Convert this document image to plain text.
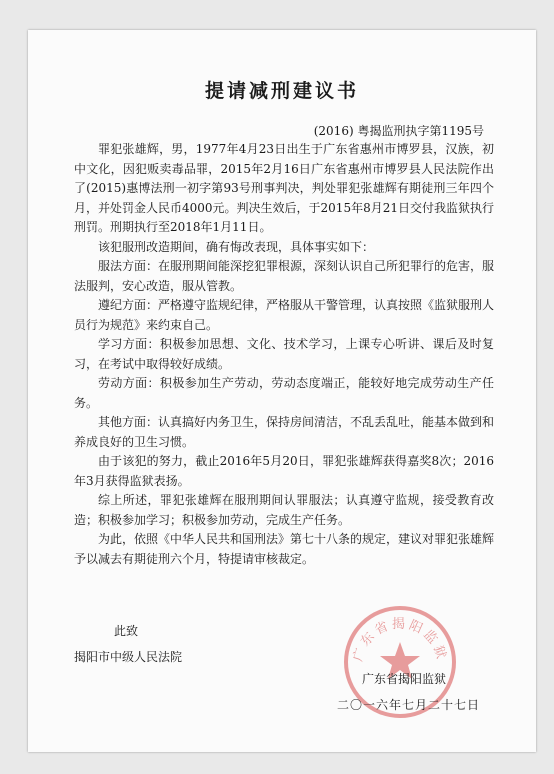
提请减刑建议书
(2016) 粤揭监刑执字第1195号

罪犯张雄辉，男，1977年4月23日出生于广东省惠州市博罗县，汉族，初中文化，因犯贩卖毒品罪，2015年2月16日广东省惠州市博罗县人民法院作出了(2015)惠博法刑一初字第93号刑事判决，判处罪犯张雄辉有期徒刑三年四个月，并处罚金人民币4000元。判决生效后，于2015年8月21日交付我监狱执行刑罚。刑期执行至2018年1月11日。

该犯服刑改造期间，确有悔改表现，具体事实如下：

服法方面：在服刑期间能深挖犯罪根源，深刻认识自己所犯罪行的危害，服法服判，安心改造，服从管教。

遵纪方面：严格遵守监规纪律，严格服从干警管理，认真按照《监狱服刑人员行为规范》来约束自己。

学习方面：积极参加思想、文化、技术学习，上课专心听讲、课后及时复习，在考试中取得较好成绩。

劳动方面：积极参加生产劳动，劳动态度端正，能较好地完成劳动生产任务。

其他方面：认真搞好内务卫生，保持房间清洁，不乱丢乱吐，能基本做到和养成良好的卫生习惯。

由于该犯的努力，截止2016年5月20日，罪犯张雄辉获得嘉奖8次；2016年3月获得监狱表扬。

综上所述，罪犯张雄辉在服刑期间认罪服法；认真遵守监规，接受教育改造；积极参加学习；积极参加劳动，完成生产任务。

为此，依照《中华人民共和国刑法》第七十八条的规定，建议对罪犯张雄辉予以减去有期徒刑六个月，特提请审核裁定。

此致
揭阳市中级人民法院	广东省揭阳监狱
广东省揭阳监狱
二〇一六年七月二十七日
